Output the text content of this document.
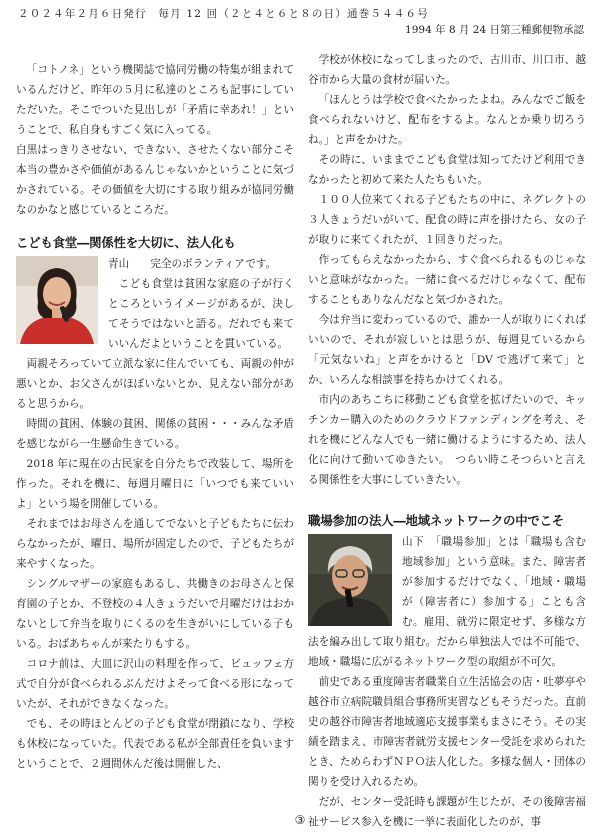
２０２４年２月６日発行　毎月 12 回（２と４と６と８の日）通巻５４４６号
1994 年 8 月 24 日第三種郵便物承認

「コトノネ」という機関誌で協同労働の特集が組まれているんだけど、昨年の５月に私達のところも記事にしていただいた。そこでついた見出しが「矛盾に幸あれ！」ということで、私自身もすごく気に入ってる。

白黒はっきりさせない、できない、させたくない部分こそ本当の豊かさや価値があるんじゃないかということに気づかされている。その価値を大切にする取り組みが協同労働なのかなと感じているところだ。

こども食堂―関係性を大切に、法人化も

青山　　完全のボランティアです。

こども食堂は貧困な家庭の子が行くところというイメージがあるが、決してそうではないと語る。だれでも来ていいんだよということを貫いている。

両親そろっていて立派な家に住んでいても、両親の仲が悪いとか、お父さんがほぼいないとか、見えない部分があると思うから。

時間の貧困、体験の貧困、関係の貧困・・・みんな矛盾を感じながら一生懸命生きている。

2018 年に現在の古民家を自分たちで改装して、場所を作った。それを機に、毎週月曜日に「いつでも来ていいよ」という場を開催している。

それまではお母さんを通してでないと子どもたちに伝わらなかったが、曜日、場所が固定したので、子どもたちが来やすくなった。

シングルマザーの家庭もあるし、共働きのお母さんと保育園の子とか、不登校の４人きょうだいで月曜だけはおかないとして弁当を取りにくるのを生きがいにしている子もいる。おばあちゃんが来たりもする。

コロナ前は、大皿に沢山の料理を作って、ビュッフェ方式で自分が食べられるぶんだけよそって食べる形になっていたが、それができなくなった。

でも、その時ほとんどの子ども食堂が閉鎖になり、学校も休校になっていた。代表である私が全部責任を負いますということで、２週間休んだ後は開催した、

学校が休校になってしまったので、古川市、川口市、越谷市から大量の食材が届いた。

「ほんとうは学校で食べたかったよね。みんなでご飯を食べられないけど、配布をするよ。なんとか乗り切ろうね。」と声をかけた。

その時に、いままでこども食堂は知ってたけど利用できなかったと初めて来た人たちもいた。

１００人位来てくれる子どもたちの中に、ネグレクトの３人きょうだいがいて、配食の時に声を掛けたら、女の子が取りに来てくれたが、１回きりだった。

作ってもらえなかったから、すぐ食べられるものじゃないと意味がなかった。一緒に食べるだけじゃなくて、配布することもありなんだなと気づかされた。

今は弁当に変わっているので、誰か一人が取りにくればいいので、それが寂しいとは思うが、毎週見ているから「元気ないね」と声をかけると「DV で逃げて来て」とか、いろんな相談事を持ちかけてくれる。

市内のあちこちに移動こども食堂を拡げたいので、キッチンカー購入のためのクラウドファンディングを考え、それを機にどんな人でも一緒に働けるようにするため、法人化に向けて動いてゆきたい。　つらい時こそつらいと言える関係性を大事にしていきたい。

職場参加の法人―地域ネットワークの中でこそ

山下　「職場参加」とは「職場も含む地域参加」という意味。また、障害者が参加するだけでなく、「地域・職場が（障害者に）参加する」ことも含む。雇用、就労に限定せず、多様な方法を編み出して取り組む。だから単独法人では不可能で、地域・職場に広がるネットワーク型の取組が不可欠。

前史である重度障害者職業自立生活協会の店・吐夢亭や越谷市立病院職員組合事務所実習などもそうだった。直前史の越谷市障害者地域適応支援事業もまさにそう。その実績を踏まえ、市障害者就労支援センター受託を求められたとき、ためらわずＮＰＯ法人化した。多様な個人・団体の関りを受け入れるため。

だが、センター受託時も課題が生じたが、その後障害福祉サービス参入を機に一挙に表面化したのが、事

③
